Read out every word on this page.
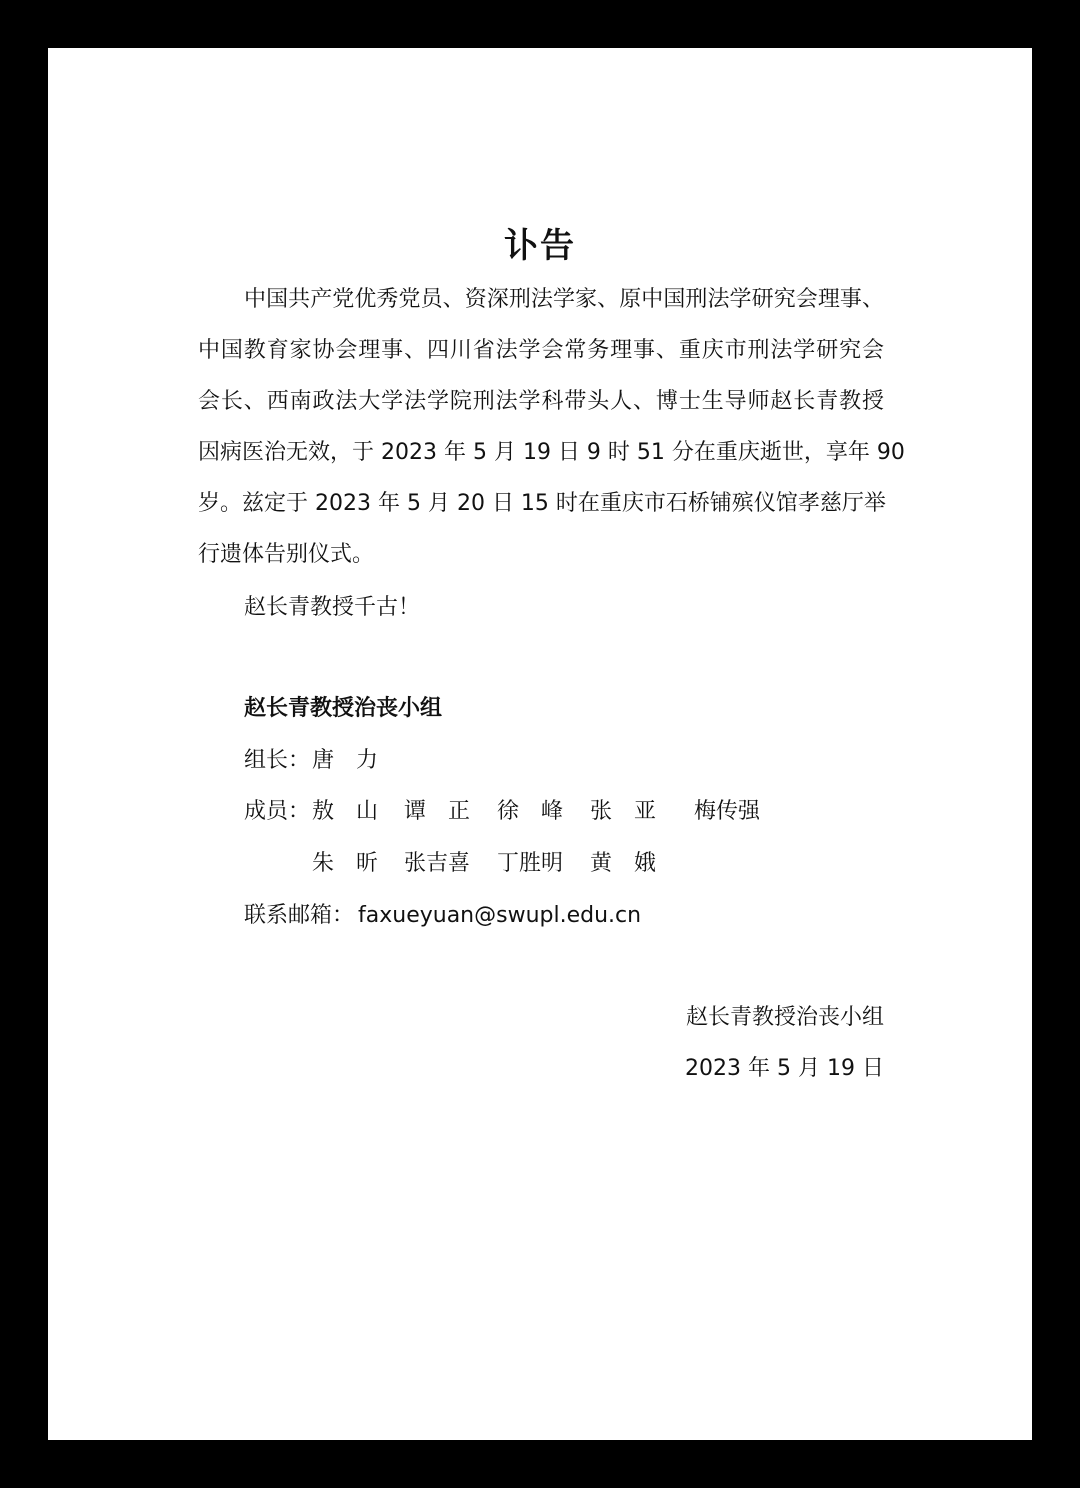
讣告
中国共产党优秀党员、资深刑法学家、原中国刑法学研究会理事、
中国教育家协会理事、四川省法学会常务理事、重庆市刑法学研究会
会长、西南政法大学法学院刑法学科带头人、博士生导师赵长青教授
因病医治无效，于 2023 年 5 月 19 日 9 时 51 分在重庆逝世，享年 90
岁。兹定于 2023 年 5 月 20 日 15 时在重庆市石桥铺殡仪馆孝慈厅举
行遗体告别仪式。
赵长青教授千古！
赵长青教授治丧小组
组长： 唐　力
成员： 敖　山 谭　正 徐　峰 张　亚 梅传强
朱　昕 张吉喜 丁胜明 黄　娥
联系邮箱： faxueyuan@swupl.edu.cn
赵长青教授治丧小组
2023 年 5 月 19 日
